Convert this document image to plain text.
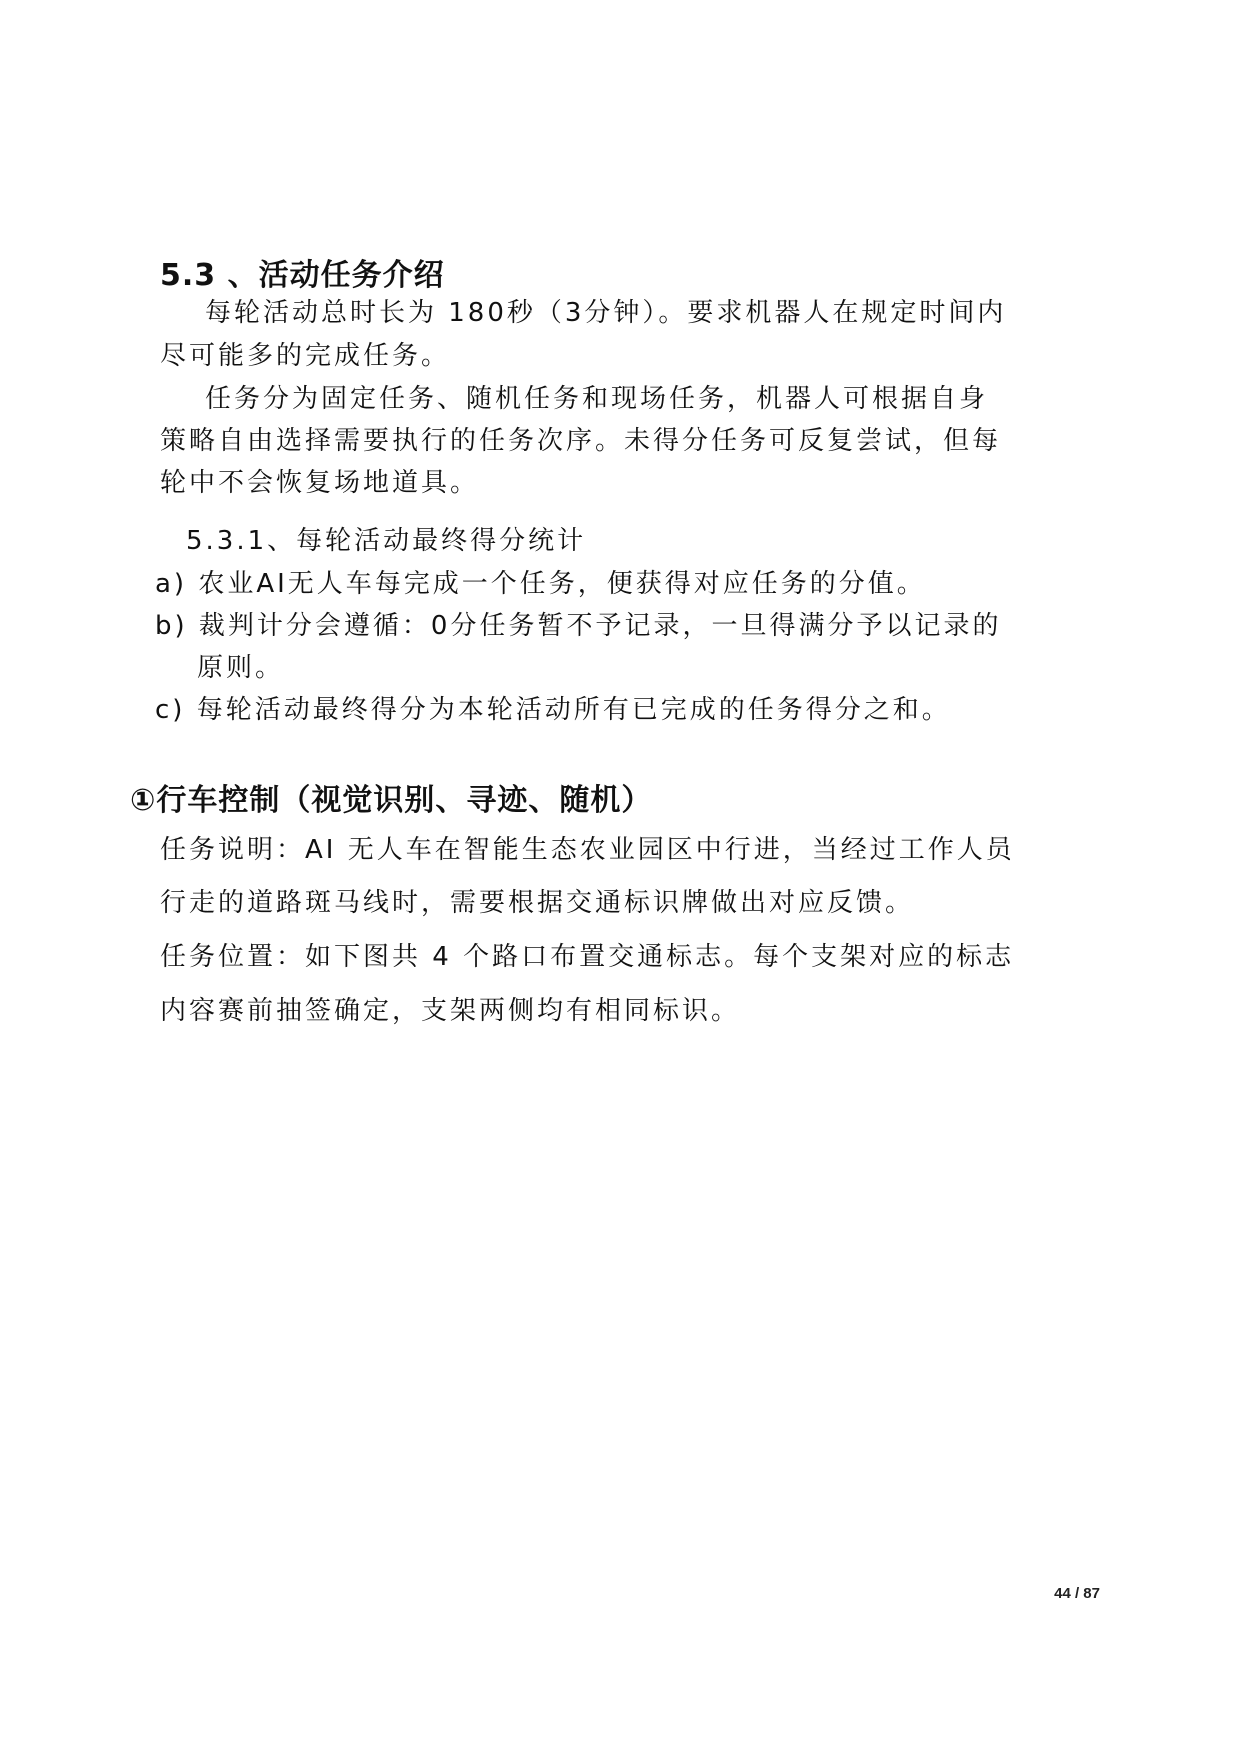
5.3 、活动任务介绍
每轮活动总时长为 180秒（3分钟）。要求机器人在规定时间内
尽可能多的完成任务。
任务分为固定任务、随机任务和现场任务，机器人可根据自身
策略自由选择需要执行的任务次序。未得分任务可反复尝试，但每
轮中不会恢复场地道具。
5.3.1、每轮活动最终得分统计
a) 农业AI无人车每完成一个任务，便获得对应任务的分值。
b) 裁判计分会遵循：0分任务暂不予记录，一旦得满分予以记录的
原则。
c) 每轮活动最终得分为本轮活动所有已完成的任务得分之和。
①行车控制（视觉识别、寻迹、随机）
任务说明：AI 无人车在智能生态农业园区中行进，当经过工作人员
行走的道路斑马线时，需要根据交通标识牌做出对应反馈。
任务位置：如下图共 4 个路口布置交通标志。每个支架对应的标志
内容赛前抽签确定，支架两侧均有相同标识。
44 / 87
